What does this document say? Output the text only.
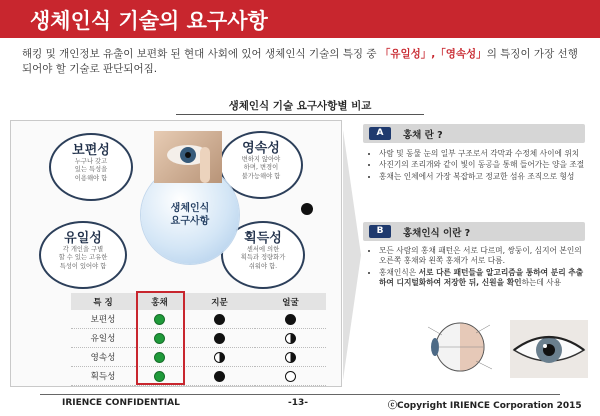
생체인식 기술의 요구사항
해킹 및 개인정보 유출이 보편화 된 현대 사회에 있어 생체인식 기술의 특징 중 「유일성」,「영속성」의 특징이 가장 선행되어야 할 기술로 판단되어짐.
생체인식 기술 요구사항별 비교
보편성
누구나 갖고
있는 특성을
이용해야 함
영속성
변하지 않아야
하며, 변경이
불가능해야 함
유일성
각 개인을 구별
할 수 있는 고유한
특성이 있어야 함
획득성
센서에 의한
획득과 정량화가
쉬워야 함.
생체인식
요구사항
특 징	홍채	지문	얼굴
보편성			
유일성			
영속성			
획득성			
A	홍채 란 ?
• 사람 및 동물 눈의 일부 구조로서 각막과 수정체 사이에 위치
• 사진기의 조리개와 같이 빛이 동공을 통해 들어가는 양을 조절
• 홍채는 인체에서 가장 복잡하고 정교한 섬유 조직으로 형성
B	홍채인식 이란 ?
• 모든 사람의 홍채 패턴은 서로 다르며, 쌍둥이, 심지어 본인의 오른쪽 홍채와 왼쪽 홍채가 서로 다름.
• 홍채인식은 서로 다른 패턴들을 알고리즘을 통하여 분리 추출하여 디지털화하여 저장한 뒤, 신원을 확인하는데 사용
IRIENCE CONFIDENTIAL	-13-	ⓒCopyright IRIENCE Corporation 2015
